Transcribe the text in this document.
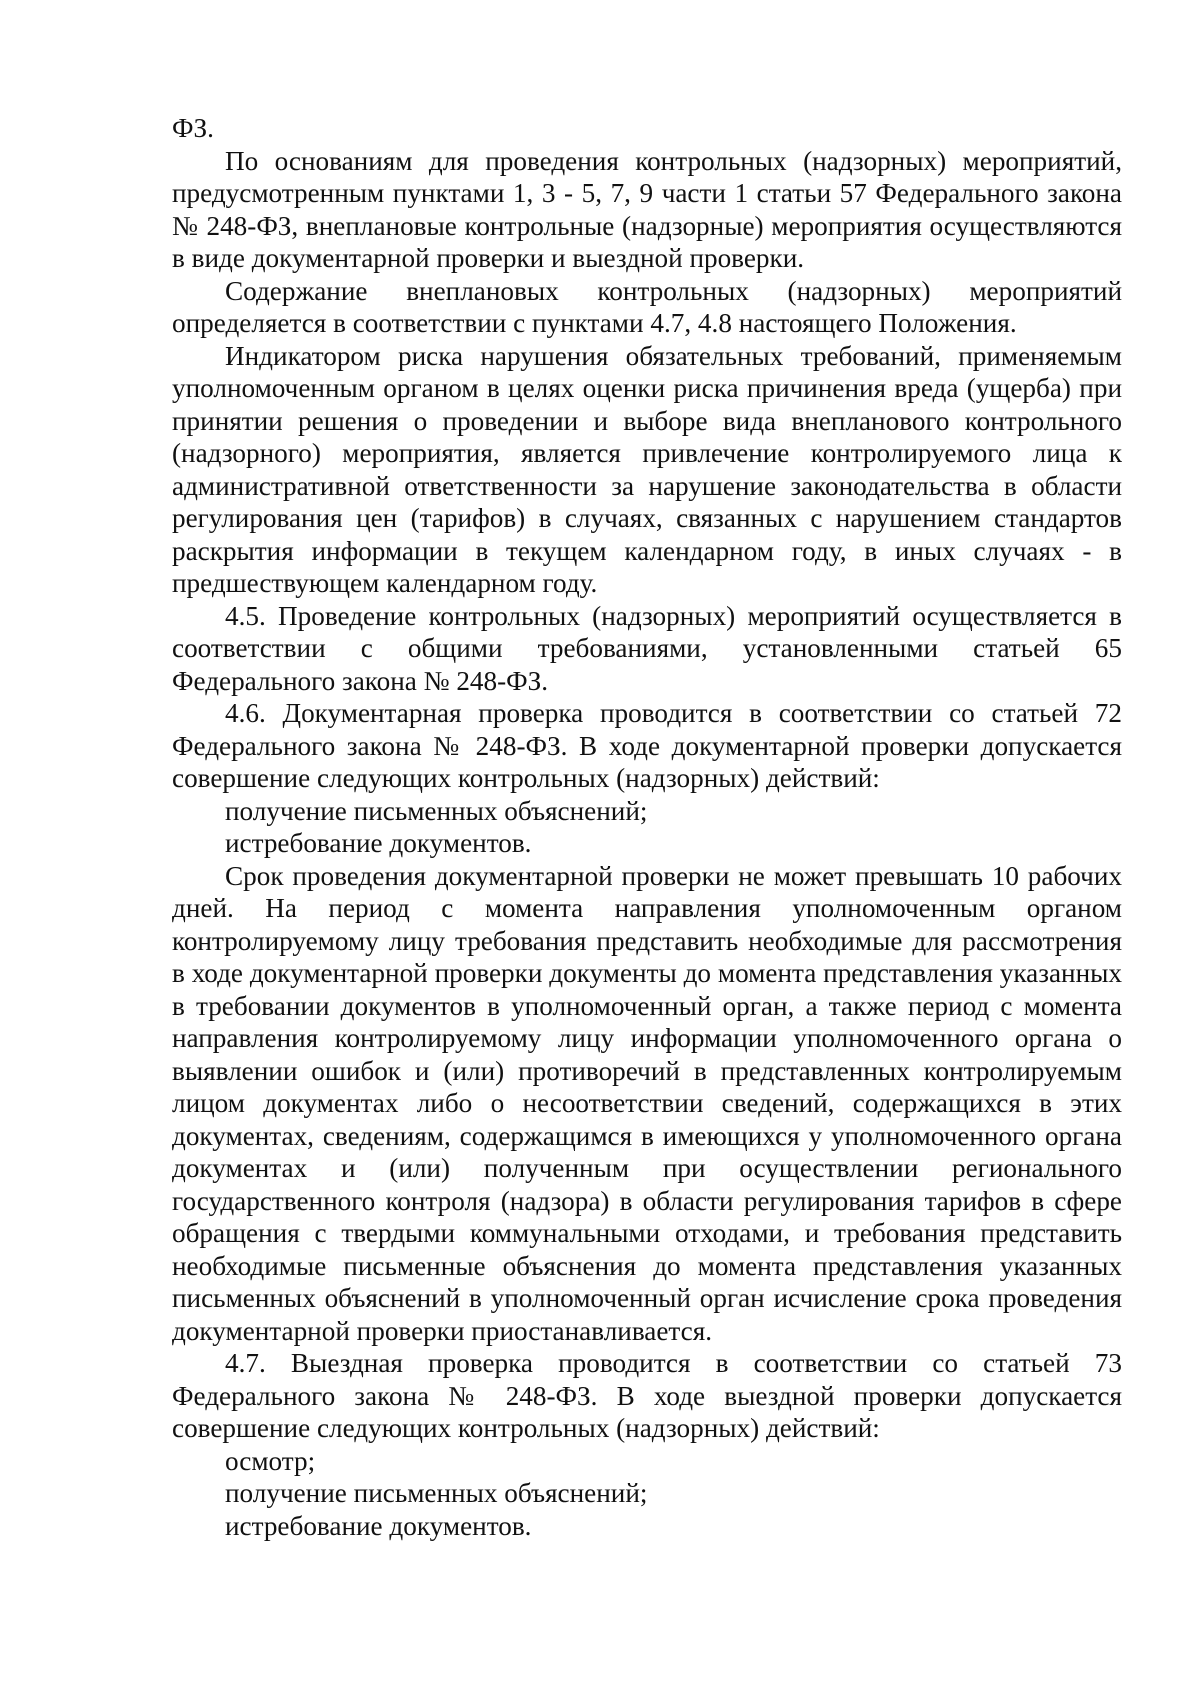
ФЗ.

По основаниям для проведения контрольных (надзорных) мероприятий, предусмотренным пунктами 1, 3 - 5, 7, 9 части 1 статьи 57 Федерального закона № 248-ФЗ, внеплановые контрольные (надзорные) мероприятия осуществляются в виде документарной проверки и выездной проверки.

Содержание внеплановых контрольных (надзорных) мероприятий определяется в соответствии с пунктами 4.7, 4.8 настоящего Положения.

Индикатором риска нарушения обязательных требований, применяемым уполномоченным органом в целях оценки риска причинения вреда (ущерба) при принятии решения о проведении и выборе вида внепланового контрольного (надзорного) мероприятия, является привлечение контролируемого лица к административной ответственности за нарушение законодательства в области регулирования цен (тарифов) в случаях, связанных с нарушением стандартов раскрытия информации в текущем календарном году, в иных случаях - в предшествующем календарном году.

4.5. Проведение контрольных (надзорных) мероприятий осуществляется в соответствии с общими требованиями, установленными статьей 65 Федерального закона № 248-ФЗ.

4.6. Документарная проверка проводится в соответствии со статьей 72 Федерального закона № 248-ФЗ. В ходе документарной проверки допускается совершение следующих контрольных (надзорных) действий:

получение письменных объяснений;

истребование документов.

Срок проведения документарной проверки не может превышать 10 рабочих дней. На период с момента направления уполномоченным органом контролируемому лицу требования представить необходимые для рассмотрения в ходе документарной проверки документы до момента представления указанных в требовании документов в уполномоченный орган, а также период с момента направления контролируемому лицу информации уполномоченного органа о выявлении ошибок и (или) противоречий в представленных контролируемым лицом документах либо о несоответствии сведений, содержащихся в этих документах, сведениям, содержащимся в имеющихся у уполномоченного органа документах и (или) полученным при осуществлении регионального государственного контроля (надзора) в области регулирования тарифов в сфере обращения с твердыми коммунальными отходами, и требования представить необходимые письменные объяснения до момента представления указанных письменных объяснений в уполномоченный орган исчисление срока проведения документарной проверки приостанавливается.

4.7. Выездная проверка проводится в соответствии со статьей 73 Федерального закона № 248-ФЗ. В ходе выездной проверки допускается совершение следующих контрольных (надзорных) действий:

осмотр;

получение письменных объяснений;

истребование документов.
